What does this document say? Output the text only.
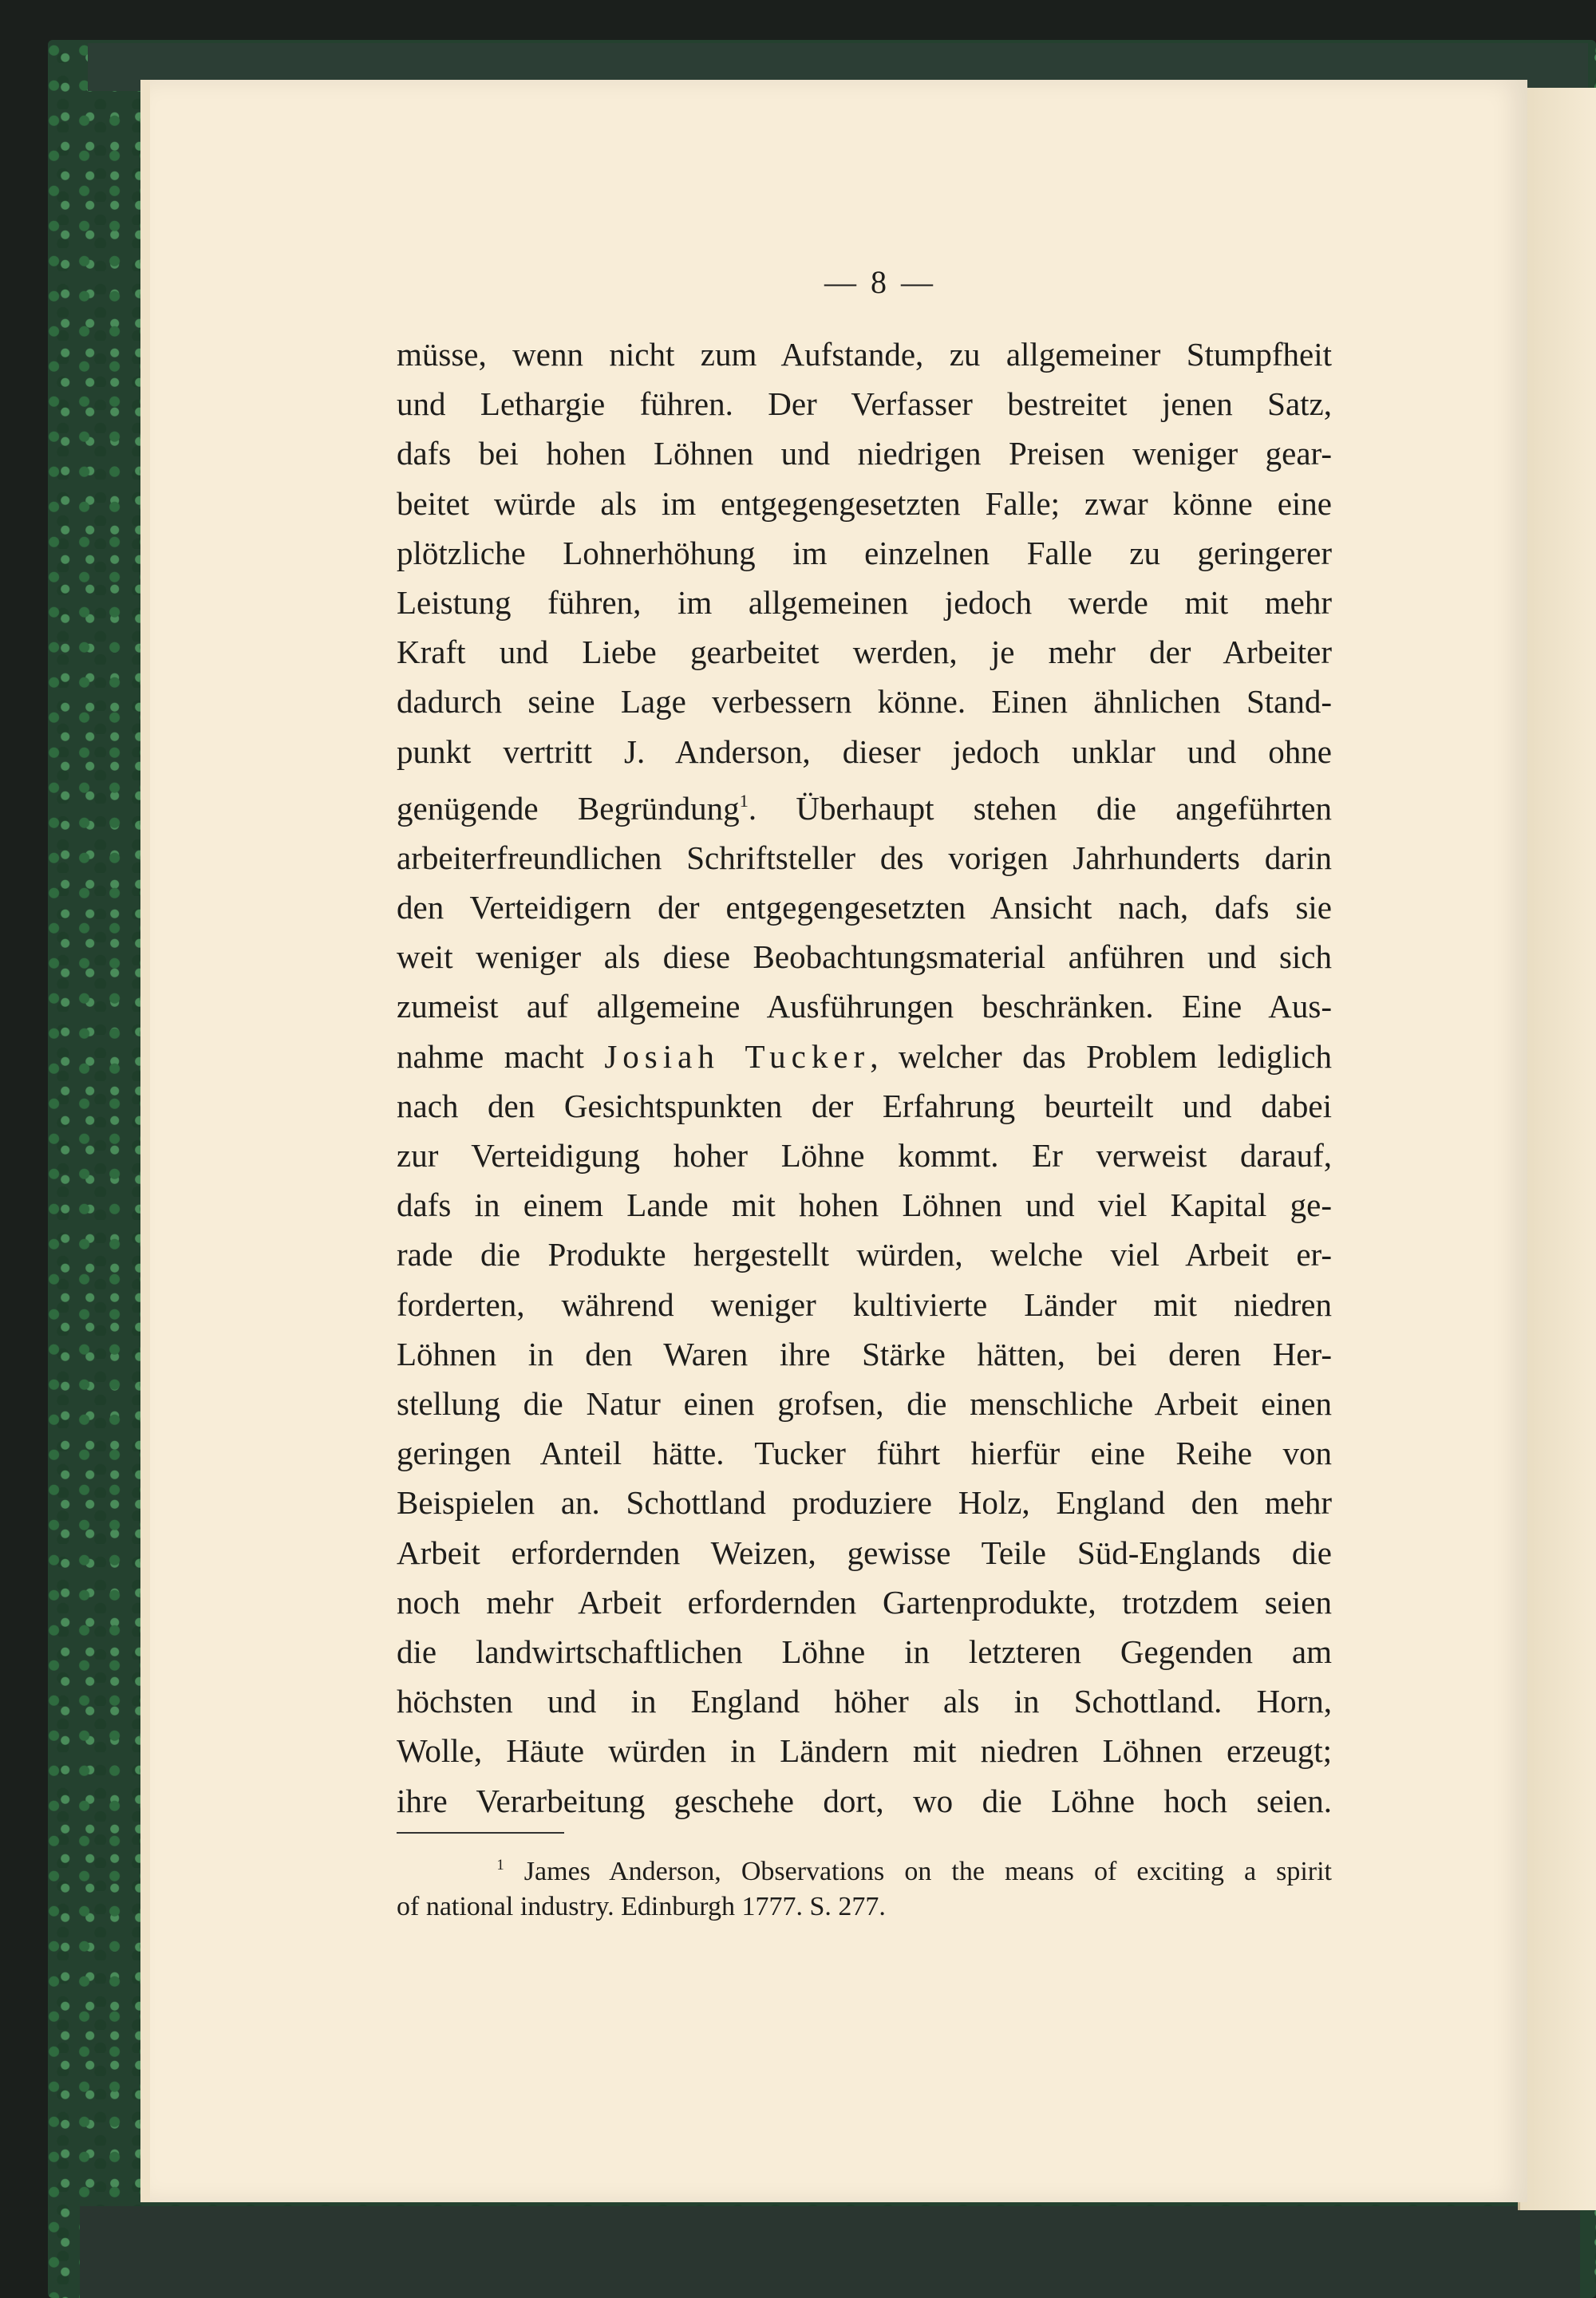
— 8 —
müsse, wenn nicht zum Aufstande, zu allgemeiner Stumpfheit
und Lethargie führen. Der Verfasser bestreitet jenen Satz,
dafs bei hohen Löhnen und niedrigen Preisen weniger gear-
beitet würde als im entgegengesetzten Falle; zwar könne eine
plötzliche Lohnerhöhung im einzelnen Falle zu geringerer
Leistung führen, im allgemeinen jedoch werde mit mehr
Kraft und Liebe gearbeitet werden, je mehr der Arbeiter
dadurch seine Lage verbessern könne. Einen ähnlichen Stand-
punkt vertritt J. Anderson, dieser jedoch unklar und ohne
genügende Begründung$^1$. Überhaupt stehen die angeführten
arbeiterfreundlichen Schriftsteller des vorigen Jahrhunderts darin
den Verteidigern der entgegengesetzten Ansicht nach, dafs sie
weit weniger als diese Beobachtungsmaterial anführen und sich
zumeist auf allgemeine Ausführungen beschränken. Eine Aus-
nahme macht Josiah Tucker, welcher das Problem lediglich
nach den Gesichtspunkten der Erfahrung beurteilt und dabei
zur Verteidigung hoher Löhne kommt. Er verweist darauf,
dafs in einem Lande mit hohen Löhnen und viel Kapital ge-
rade die Produkte hergestellt würden, welche viel Arbeit er-
forderten, während weniger kultivierte Länder mit niedren
Löhnen in den Waren ihre Stärke hätten, bei deren Her-
stellung die Natur einen grofsen, die menschliche Arbeit einen
geringen Anteil hätte. Tucker führt hierfür eine Reihe von
Beispielen an. Schottland produziere Holz, England den mehr
Arbeit erfordernden Weizen, gewisse Teile Süd-Englands die
noch mehr Arbeit erfordernden Gartenprodukte, trotzdem seien
die landwirtschaftlichen Löhne in letzteren Gegenden am
höchsten und in England höher als in Schottland. Horn,
Wolle, Häute würden in Ländern mit niedren Löhnen erzeugt;
ihre Verarbeitung geschehe dort, wo die Löhne hoch seien.
$^1$ James Anderson, Observations on the means of exciting a spirit
of national industry. Edinburgh 1777. S. 277.
